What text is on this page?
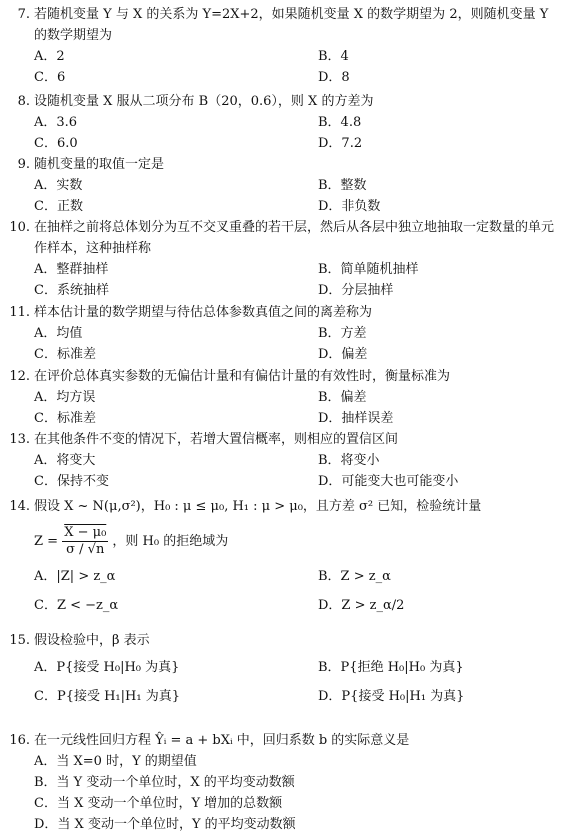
7. 若随机变量 Y 与 X 的关系为 Y=2X+2，如果随机变量 X 的数学期望为 2，则随机变量 Y 的数学期望为
A．2	B．4
C．6	D．8
8. 设随机变量 X 服从二项分布 B（20，0.6），则 X 的方差为
A．3.6	B．4.8
C．6.0	D．7.2
9. 随机变量的取值一定是
A．实数	B．整数
C．正数	D．非负数
10. 在抽样之前将总体划分为互不交叉重叠的若干层，然后从各层中独立地抽取一定数量的单元作样本，这种抽样称
A．整群抽样	B．简单随机抽样
C．系统抽样	D．分层抽样
11. 样本估计量的数学期望与待估总体参数真值之间的离差称为
A．均值	B．方差
C．标准差	D．偏差
12. 在评价总体真实参数的无偏估计量和有偏估计量的有效性时，衡量标准为
A．均方误	B．偏差
C．标准差	D．抽样误差
13. 在其他条件不变的情况下，若增大置信概率，则相应的置信区间
A．将变大	B．将变小
C．保持不变	D．可能变大也可能变小
14. 假设 X ~ N(μ,σ²)，H₀ : μ ≤ μ₀, H₁ : μ > μ₀，且方差 σ² 已知，检验统计量
$Z = \frac{\text{X − μ₀}}{\sigma / √n}$ ，则 H₀ 的拒绝域为
A．|Z| > z_α	B．Z > z_α
C．Z < −z_α	D．Z > z_α/2
15. 假设检验中，β 表示
A．P{接受 H₀|H₀ 为真}	B．P{拒绝 H₀|H₀ 为真}
C．P{接受 H₁|H₁ 为真}	D．P{接受 H₀|H₁ 为真}
16. 在一元线性回归方程 Ŷᵢ = a + bXᵢ 中，回归系数 b 的实际意义是
A．当 X=0 时，Y 的期望值
B．当 Y 变动一个单位时，X 的平均变动数额
C．当 X 变动一个单位时，Y 增加的总数额
D．当 X 变动一个单位时，Y 的平均变动数额
